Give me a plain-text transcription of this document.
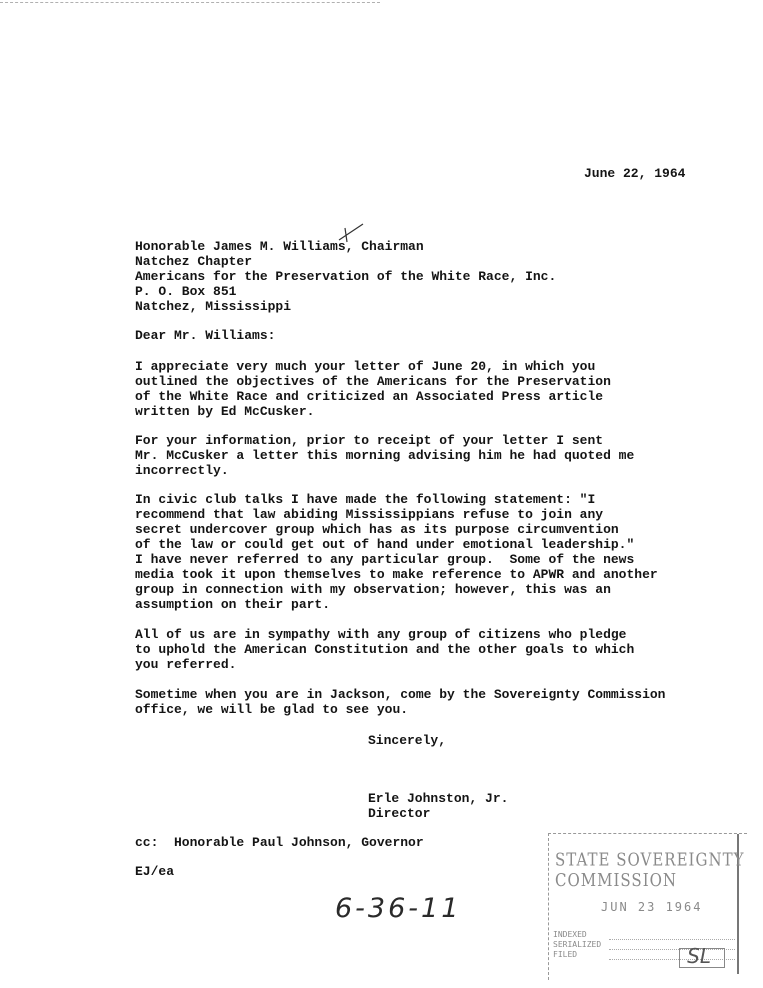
June 22, 1964
Honorable James M. Williams, Chairman
Natchez Chapter
Americans for the Preservation of the White Race, Inc.
P. O. Box 851
Natchez, Mississippi
Dear Mr. Williams:
I appreciate very much your letter of June 20, in which you
outlined the objectives of the Americans for the Preservation
of the White Race and criticized an Associated Press article
written by Ed McCusker.
For your information, prior to receipt of your letter I sent
Mr. McCusker a letter this morning advising him he had quoted me
incorrectly.
In civic club talks I have made the following statement: "I
recommend that law abiding Mississippians refuse to join any
secret undercover group which has as its purpose circumvention
of the law or could get out of hand under emotional leadership."
I have never referred to any particular group.  Some of the news
media took it upon themselves to make reference to APWR and another
group in connection with my observation; however, this was an
assumption on their part.
All of us are in sympathy with any group of citizens who pledge
to uphold the American Constitution and the other goals to which
you referred.
Sometime when you are in Jackson, come by the Sovereignty Commission
office, we will be glad to see you.
Sincerely,
Erle Johnston, Jr.
Director
cc:  Honorable Paul Johnson, Governor
EJ/ea
6-36-11
STATE SOVEREIGNTY COMMISSION
JUN 23 1964
INDEXED
SERIALIZED
FILED	SL
